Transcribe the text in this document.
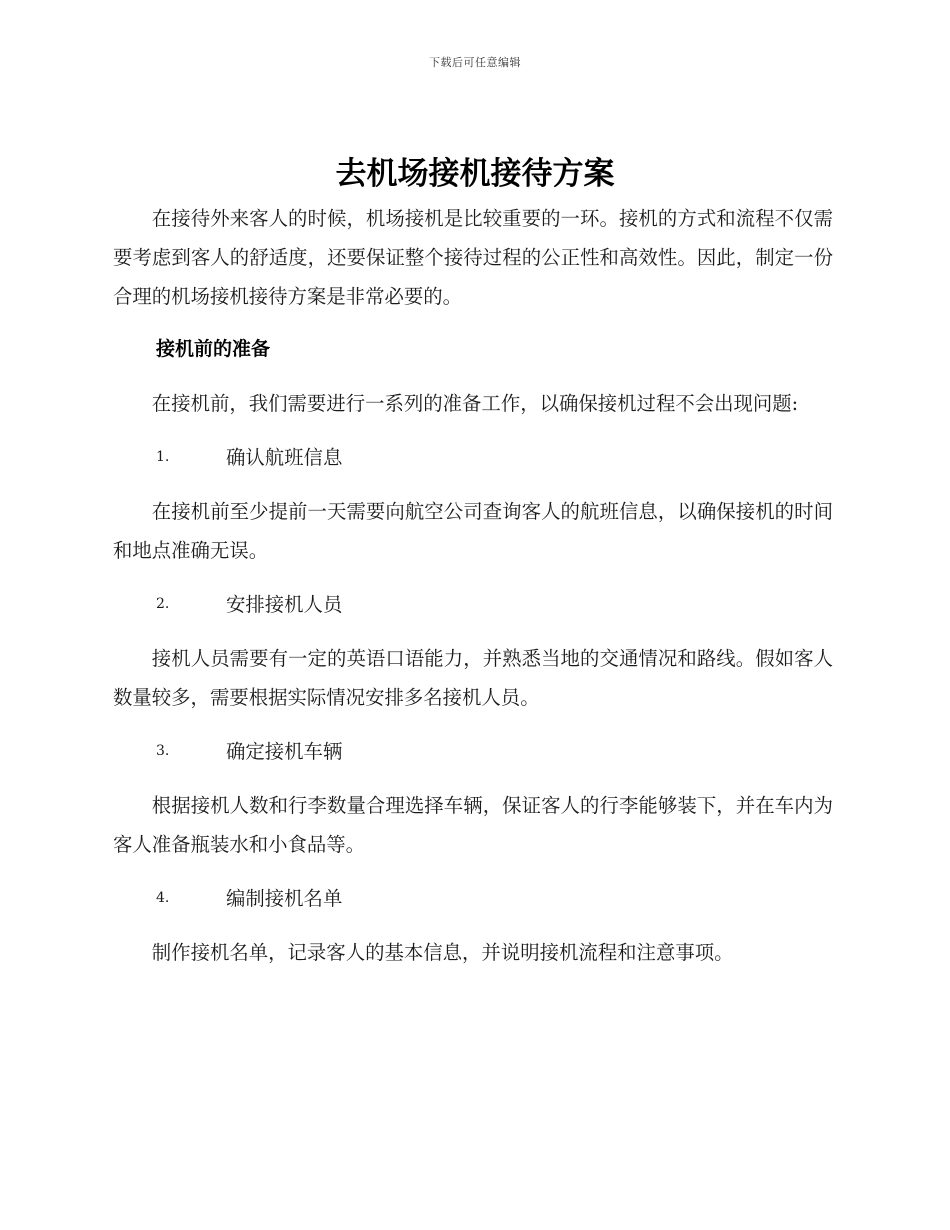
下载后可任意编辑
去机场接机接待方案

在接待外来客人的时候，机场接机是比较重要的一环。接机的方式和流程不仅需要考虑到客人的舒适度，还要保证整个接待过程的公正性和高效性。因此，制定一份合理的机场接机接待方案是非常必要的。

接机前的准备

在接机前，我们需要进行一系列的准备工作，以确保接机过程不会出现问题:

1.	确认航班信息

在接机前至少提前一天需要向航空公司查询客人的航班信息，以确保接机的时间和地点准确无误。

2.	安排接机人员

接机人员需要有一定的英语口语能力，并熟悉当地的交通情况和路线。假如客人数量较多，需要根据实际情况安排多名接机人员。

3.	确定接机车辆

根据接机人数和行李数量合理选择车辆，保证客人的行李能够装下，并在车内为客人准备瓶装水和小食品等。

4.	编制接机名单

制作接机名单，记录客人的基本信息，并说明接机流程和注意事项。
